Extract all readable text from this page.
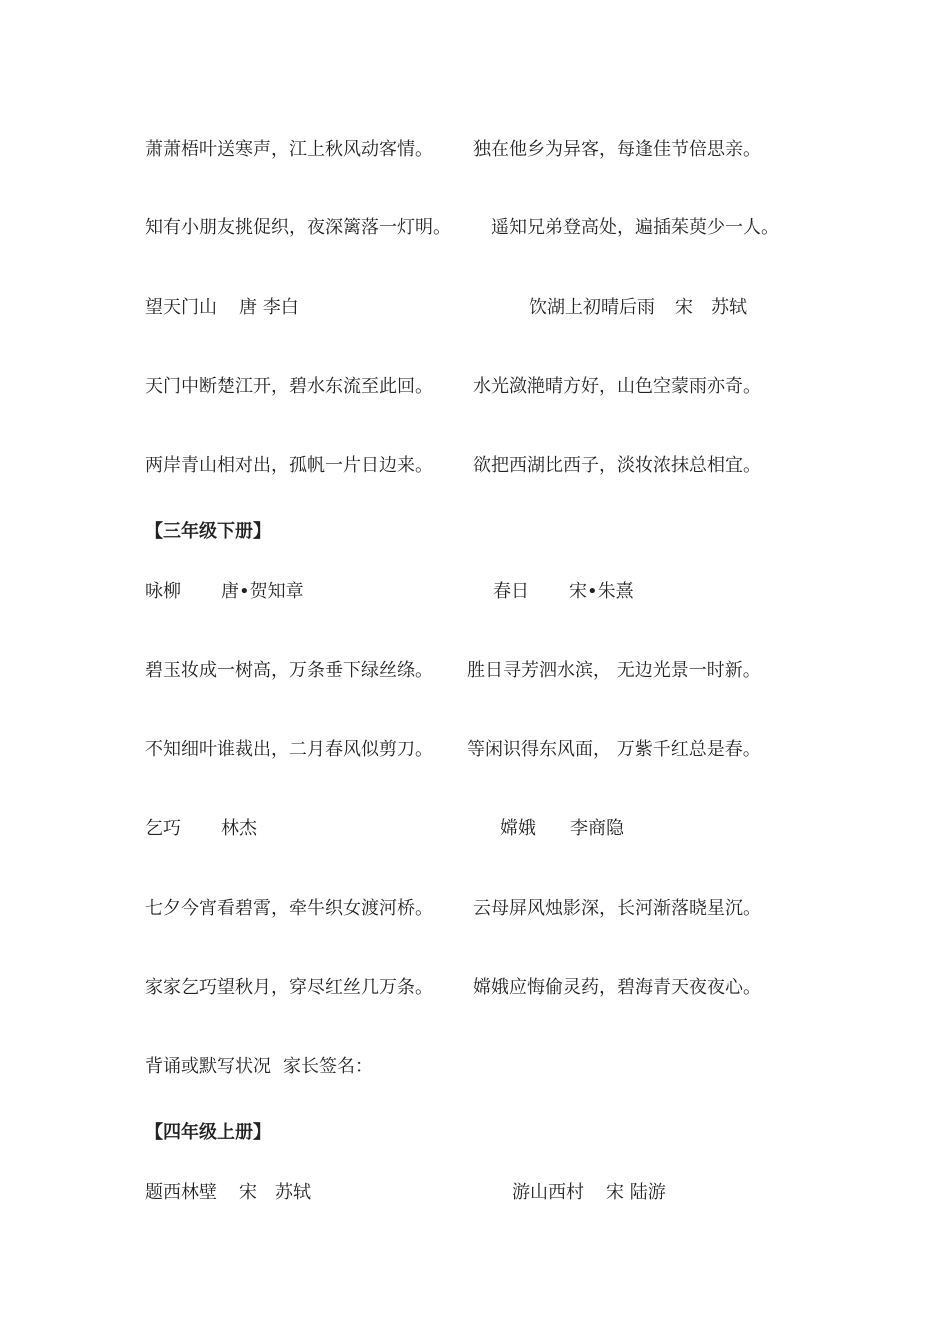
萧萧梧叶送寒声，江上秋风动客情。 独在他乡为异客，每逢佳节倍思亲。
知有小朋友挑促织，夜深篱落一灯明。 遥知兄弟登高处，遍插茱萸少一人。
望天门山 唐 李白	饮湖上初晴后雨 宋　苏轼
天门中断楚江开，碧水东流至此回。 水光潋滟晴方好，山色空蒙雨亦奇。
两岸青山相对出，孤帆一片日边来。 欲把西湖比西子，淡妆浓抹总相宜。
【三年级下册】
咏柳 唐•贺知章	春日 宋•朱熹
碧玉妆成一树高，万条垂下绿丝绦。 胜日寻芳泗水滨， 无边光景一时新。
不知细叶谁裁出，二月春风似剪刀。 等闲识得东风面， 万紫千红总是春。
乞巧 林杰	嫦娥 李商隐
七夕今宵看碧霄，牵牛织女渡河桥。 云母屏风烛影深，长河渐落晓星沉。
家家乞巧望秋月，穿尽红丝几万条。 嫦娥应悔偷灵药，碧海青天夜夜心。
背诵或默写状况 家长签名：
【四年级上册】
题西林壁 宋　苏轼	游山西村 宋 陆游
